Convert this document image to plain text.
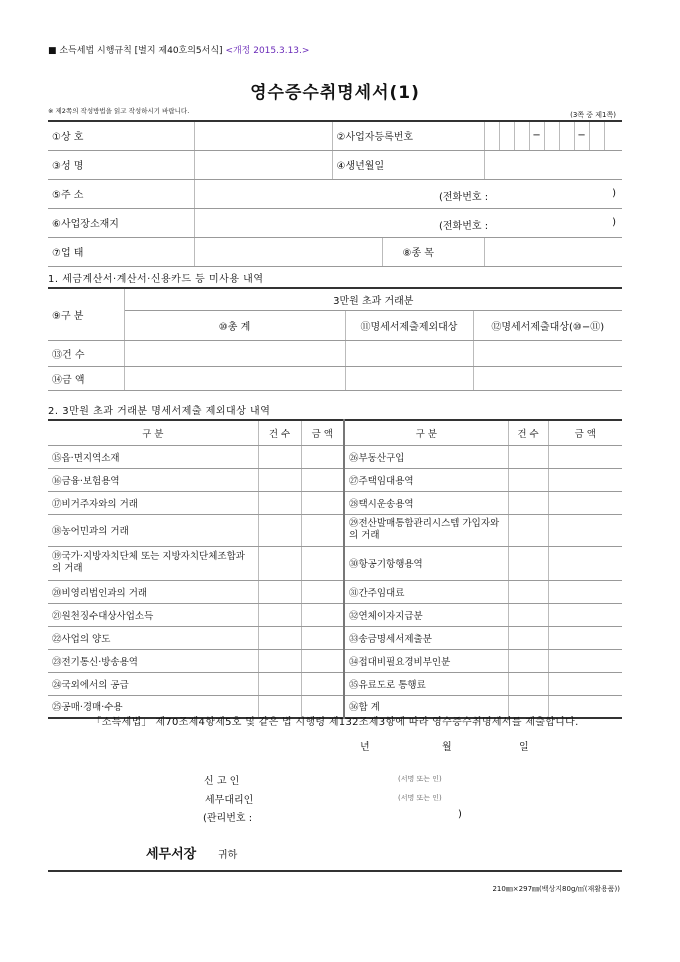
■ 소득세법 시행규칙 [별지 제40호의5서식] <개정 2015.3.13.>
영수증수취명세서(1)
※ 제2쪽의 작성방법을 읽고 작성하시기 바랍니다.	(3쪽 중 제1쪽)
①상 호		②사업자등록번호						−			−		
③성 명		④생년월일											
⑤주 소				(전화번호 : )									

⑥사업장소재지				(전화번호 : )									

⑦업 태			⑧종 목										
1. 세금계산서·계산서·신용카드 등 미사용 내역
⑨구 분	3만원 초과 거래분		
	⑩총 계	⑪명세서제출제외대상	⑫명세서제출대상(⑩−⑪)
⑬건 수			
⑭금 액			
2. 3만원 초과 거래분 명세서제출 제외대상 내역
구 분	건 수	금 액	구 분	건 수	금 액
⑮읍·면지역소재			㉖부동산구입		
⑯금융·보험용역			㉗주택임대용역		
⑰비거주자와의 거래			㉘택시운송용역		
⑱농어민과의 거래			㉙전산발매통합관리시스템 가입자와의 거래		
⑲국가·지방자치단체 또는 지방자치단체조합과의 거래			㉚항공기항행용역		
⑳비영리법인과의 거래			㉛간주임대료		
㉑원천징수대상사업소득			㉜연체이자지급분		
㉒사업의 양도			㉝송금명세서제출분		
㉓전기통신·방송용역			㉞접대비필요경비부인분		
㉔국외에서의 공급			㉟유료도로 통행료		
㉕공매·경매·수용			㊱합 계		
「소득세법」 제70조제4항제5호 및 같은 법 시행령 제132조제3항에 따라 영수증수취명세서를 제출합니다.
년	월	일
신 고 인	(서명 또는 인)
세무대리인	(서명 또는 인)
(관리번호 :	)
세무서장 귀하
210㎜×297㎜(백상지80g/㎡(재활용품))
